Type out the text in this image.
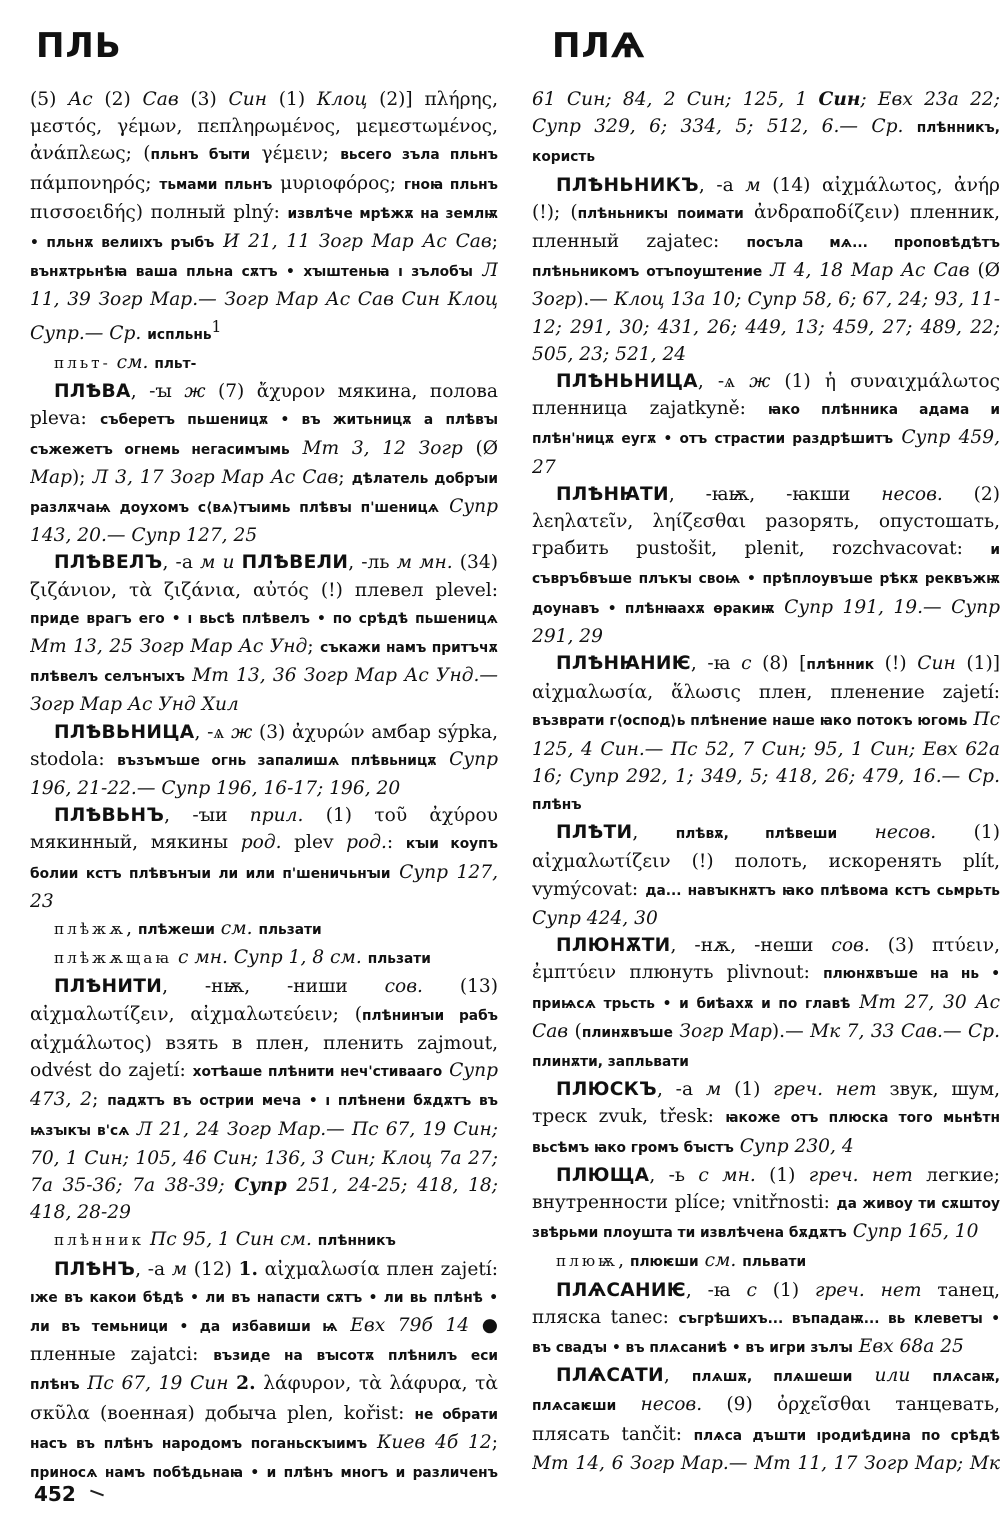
ПЛЬ	ПЛѦ

(5) Ас (2) Сав (3) Син (1) Клоц (2)] πλήρης, μεστός, γέμων, πεπληρωμένος, μεμεστωμένος, ἀνάπλεως; (пльнъ бꙑти γέμειν; вьсего зъла пльнъ πάμπονηρός; тьмами пльнъ μυριοφόρος; гноꙗ пльнъ πισσοειδής) полный plný: извлѣче мрѣжѫ на землѭ • пльнѫ велиıхъ рꙑбъ И 21, 11 Зогр Мар Ас Сав; вънѫтрьнѣꙗ ваша пльна сѫтъ • хꙑштеньꙗ ı зълобꙑ Л 11, 39 Зогр Мар.— Зогр Мар Ас Сав Син Клоц Супр.— Ср. испльнь$^1$

пльт- см. пльт-

ПЛѢВА, -ꙑ ж (7) ἄχυρον мякина, полова pleva: съберетъ пьшеницѫ • въ житьницѫ а плѣвꙑ съжежетъ огнемь негасимꙑмь Мт 3, 12 Зогр (Ø Мар); Л 3, 17 Зогр Мар Ас Сав; дѣлатель добрꙑи разлѫчаѩ доухомъ с⟨вѧ⟩тꙑимь плѣвꙑ п'шеницѧ Супр 143, 20.— Супр 127, 25

ПЛѢВЕЛЪ, -а м и ПЛѢВЕЛИ, -ль м мн. (34) ζιζάνιον, τὰ ζιζάνια, αὐτός (!) плевел plevel: приде врагъ его • ı вьсѣ плѣвелъ • по срѣдѣ пьшеницѧ Мт 13, 25 Зогр Мар Ас Унд; съкажи намъ притъчѫ плѣвелъ селънꙑхъ Мт 13, 36 Зогр Мар Ас Унд.— Зогр Мар Ас Унд Хил

ПЛѢВЬНИЦА, -ѧ ж (3) ἀχυρών амбар sýpka, stodola: възъмъше огнь запалишѧ плѣвьницѫ Супр 196, 21-22.— Супр 196, 16-17; 196, 20

ПЛѢВЬНЪ, -ꙑи прил. (1) τοῦ ἀχύρου мякинный, мякины род. plev род.: кꙑи коупъ болии кстъ плѣвънꙑи ли или п'шеничьнꙑи Супр 127, 23

плѣжѫ, плѣжеши см. пльзати

плѣжѫщаꙗ с мн. Супр 1, 8 см. пльзати

ПЛѢНИТИ, -нѭ, -ниши сов. (13) αἰχμαλωτίζειν, αἰχμαλωτεύειν; (плѣнинꙑи рабъ αἰχμάλωτος) взять в плен, пленить zajmout, odvést do zajetí: хотѣаше плѣнити неч'стивааго Супр 473, 2; падѫтъ въ острии меча • ı плѣнени бѫдѫтъ въ ѩзꙑкꙑ в'сѧ Л 21, 24 Зогр Мар.— Пс 67, 19 Син; 70, 1 Син; 105, 46 Син; 136, 3 Син; Клоц 7а 27; 7а 35-36; 7а 38-39; Супр 251, 24-25; 418, 18; 418, 28-29

плѣнник Пс 95, 1 Син см. плѣнникъ

ПЛѢНЪ, -а м (12) 1. αἰχμαλωσία плен zajetí: ıже въ какои бѣдѣ • ли въ напасти сѫтъ • ли вь плѣнѣ • ли въ темьници • да избавиши ѩ Евх 79б 14 ● пленные zajatci: възиде на вꙑсотѫ плѣнилъ еси плѣнъ Пс 67, 19 Син 2. λάφυρον, τὰ λάφυρα, τὰ σκῦλα (военная) добыча plen, kořist: не обрати насъ въ плѣнъ народомъ поганьскꙑимъ Киев 4б 12; приносѧ намъ побѣдьнаꙗ • и плѣнъ многъ и различенъ

61 Син; 84, 2 Син; 125, 1 Син; Евх 23а 22; Супр 329, 6; 334, 5; 512, 6.— Ср. плѣнникъ, користь

ПЛѢНЬНИКЪ, -а м (14) αἰχμάλωτος, ἀνήρ (!); (плѣньникꙑ поимати ἀνδραποδίζειν) пленник, пленный zajatec: посъла мѧ... проповѣдѣтъ плѣньникомъ отъпоуштение Л 4, 18 Мар Ас Сав (Ø Зогр).— Клоц 13а 10; Супр 58, 6; 67, 24; 93, 11-12; 291, 30; 431, 26; 449, 13; 459, 27; 489, 22; 505, 23; 521, 24

ПЛѢНЬНИЦА, -ѧ ж (1) ἡ συναιχμάλωτος пленница zajatkyně: ꙗко плѣнника адама и плѣн'ницѫ еугѫ • отъ страстии раздрѣшитъ Супр 459, 27

ПЛѢНꙖТИ, -ꙗѭ, -ꙗкши несов. (2) λεηλατεῖν, ληίζεσθαι разорять, опустошать, грабить pustošit, plenit, rozchvacovat: и съвръбвъше плъкꙑ своѩ • прѣплоувъше рѣкѫ реквъжѭ доунавъ • плѣнꙗахѫ ѳракиѭ Супр 191, 19.— Супр 291, 29

ПЛѢНꙖНИѤ, -ꙗ с (8) [плѣнник (!) Син (1)] αἰχμαλωσία, ἅλωσις плен, пленение zajetí: възврати г⟨оспод⟩ь плѣнение наше ꙗко потокъ югомь Пс 125, 4 Син.— Пс 52, 7 Син; 95, 1 Син; Евх 62а 16; Супр 292, 1; 349, 5; 418, 26; 479, 16.— Ср. плѣнъ

ПЛѢТИ, плѣвѫ, плѣвеши несов. (1) αἰχμαλωτίζειν (!) полоть, искоренять plít, vymýcovat: да... навꙑкнѫтъ ꙗко плѣвома кстъ сьмрьть Супр 424, 30

ПЛЮНѪТИ, -нѫ, -неши сов. (3) πτύειν, ἐμπτύειν плюнуть plivnout: плюнѫвъше на нь • приѩсѧ трьсть • и биѣахѫ и по главѣ Мт 27, 30 Ас Сав (плинѫвъше Зогр Мар).— Мк 7, 33 Сав.— Ср. плинѫти, запльвати

ПЛЮСКЪ, -а м (1) греч. нет звук, шум, треск zvuk, třesk: ꙗкоже отъ плюска того мьнѣтн вьсѣмъ ꙗко громъ бꙑстъ Супр 230, 4

ПЛЮЩА, -ь с мн. (1) греч. нет легкие; внутренности plíce; vnitřnosti: да живоу ти сѫштоу звѣрьми плоушта ти извлѣчена бѫдѫтъ Супр 165, 10

плюѭ, плюѥши см. пльвати

ПЛѦСАНИѤ, -ꙗ с (1) греч. нет танец, пляска tanec: съгрѣшихъ... въпадаѭ... вь клеветꙑ • въ свадꙑ • въ плѧсаниѣ • въ игри зълꙑ Евх 68а 25

ПЛѦСАТИ, плѧшѫ, плѧшеши или плѧсаѭ, плѧсаѥши несов. (9) ὀρχεῖσθαι танцевать, плясать tančit: плѧса дъшти ıродиѣдина по срѣдѣ Мт 14, 6 Зогр Мар.— Мт 11, 17 Зогр Мар; Мк

452
